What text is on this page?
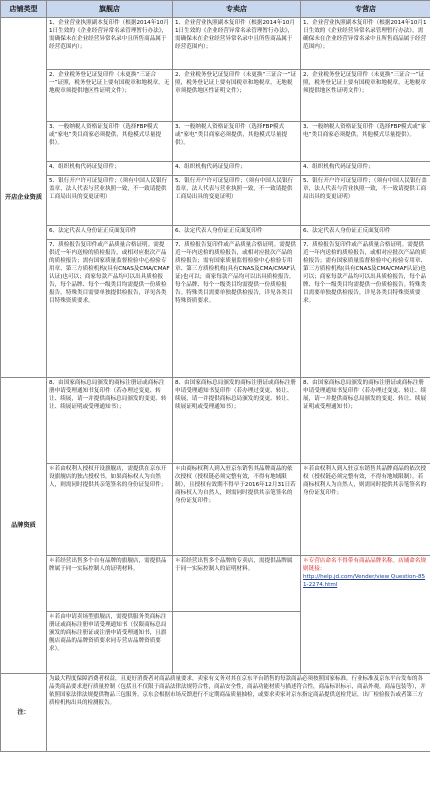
店铺类型	旗舰店	专卖店	专营店
开店企业资质	1、企业营业执照副本复印件（根据2014年10月1日生效的《企业经营异常名录管理暂行办法》，需确保未在企业经营异常名录中且所售商品属于经营范围内）；	1、企业营业执照副本复印件（根据2014年10月1日生效的《企业经营异常名录管理暂行办法》，需确保未在企业经营异常名录中且所售商品属于经营范围内）；	1、企业营业执照副本复印件（根据2014年10月1日生效的《企业经营异常名录管理暂行办法》，需确保未在企业经营异常名录中且所售商品属于经营范围内）；
	2、企业税务登记证复印件（未更换“三证合一”证照，税务登记证上要有国税章和地税章，无地税章须提供地区性证明文件）；	2、企业税务登记证复印件（未更换“三证合一”证照，税务登记证上要有国税章和地税章，无地税章须提供地区性证明文件）；	2、企业税务登记证复印件（未更换“三证合一”证照，税务登记证上要有国税章和地税章，无地税章须提供地区性证明文件）；
	3、一般纳税人资格证复印件（选择FBP模式或“家电”类目商家必须提供，其他模式尽量提供）。	3、一般纳税人资格证复印件（选择FBP模式或“家电”类目商家必须提供，其他模式尽量提供）。	3、一般纳税人资格证复印件（选择FBP模式或“家电”类目商家必须提供，其他模式尽量提供）。
	4、组织机构代码证复印件；	4、组织机构代码证复印件；	4、组织机构代码证复印件；
	5、银行开户许可证复印件；（须有中国人民银行盖章，法人代表与营业执照一致，不一致请提供工商局出具的变更证明）	5、银行开户许可证复印件；（须有中国人民银行盖章，法人代表与营业执照一致，不一致请提供工商局出具的变更证明）	5、银行开户许可证复印件；（须有中国人民银行盖章，法人代表与营业执照一致，不一致请提供工商局出具的变更证明）
	6、法定代表人身份证正反面复印件	6、法定代表人身份证正反面复印件	6、法定代表人身份证正反面复印件
	7、质检报告复印件或产品质量合格证明。需提供近一年内送检的质检报告，或相对应批次产品的质检报告；需有国家质量监督检验中心检验专用章、第三方质检机构(具有CNAS及CMA/CMAF认证)也可以；商家每款产品均可以出具质检报告，每个品牌、每个一级类目均需提供一份质检报告。特殊类目需要单独提供检报告，详见各类目特殊资质要求。	7、质检报告复印件或产品质量合格证明。需提供近一年内送检的质检报告，或相对应批次产品的质检报告；需有国家质量监督检验中心检验专用章、第三方质检机构(具有CNAS及CMA/CMAF认证)也可以；商家每款产品均可以出具质检报告，每个品牌、每个一级类目均需提供一份质检报告。特殊类目需要单独提供检报告，详见各类目特殊资质要求。	7、质检报告复印件或产品质量合格证明。需提供近一年内送检的质检报告，或相对应批次产品的质检报告；需有国家质量监督检验中心检验专用章、第三方质检机构(具有CNAS及CMA/CMAF认证)也可以；商家每款产品均可以出具质检报告，每个品牌、每个一级类目均需提供一份质检报告。特殊类目需要单独提供检报告，详见各类目特殊资质要求。
品牌资质	8、由国家商标总局颁发的商标注册证或商标注册申请受理通知书复印件（若办理过变更、转让、续展，请一并提供商标总局颁发的变更、转让、续展证明或受理通知书）；	8、由国家商标总局颁发的商标注册证或商标注册申请受理通知书复印件（若办理过变更、转让、续展，请一并提供商标总局颁发的变更、转让、续展证明或受理通知书）；	8、由国家商标总局颁发的商标注册证或商标注册申请受理通知书复印件（若办理过变更、转让、续展，请一并提供商标总局颁发的变更、转让、续展证明或受理通知书）；
	＊若由权利人授权开设旗舰店，需提供在京东开设旗舰店的独占授权书，如果商标权人为自然人，则需同时提供其亲笔签名的身份证复印件；	＊由商标权利人到入驻京东销售其品牌商品的依次授权（授权链必须完整有效，不得有地域限制），且授权有效期不得早于2016年12月31日若商标权人为自然人，则需同时提供其亲笔签名的身份证复印件；	＊若由权利人到入驻京东销售其品牌商品的依次授权（授权链必须完整有效，不得有地域限制），若商标权利人为自然人，则需同时提供其亲笔签名的身份证复印件；
	＊若经营出售多个自有品牌的旗舰店，需提供品牌属于同一实际控制人的证明材料。	＊若经营出售多个品牌的专卖店，需提供品牌属于同一实际控制人的证明材料。	＊专营店命名不得带有商品品牌名称。店铺命名规则链接：
http://help.jd.com/Vender/view Question-851-2274.html

	＊若由申请卖场型旗舰店，需提供服务类商标注册证或商标注册申请受理通知书（仅限商标总局颁发的商标注册证或注册申请受理通知书，且旗舰店商品的品牌资质要求同专营店品牌资质要求）。		
注：	为最大程度保障消费者权益，且更好消费者对商品质量要求，卖家有义务对其在京东平台销售的每款商品必须按照国家标准，行业标准及京东平台发布的各品类商品要求进行质量控制（包括且不仅限于商品法律法规符合性，商品安全性，商品功能材质与描述符合性，商品标识标示，商品外观，商品包装等），并依照国家法律法规提供物品三包服务。京东会根据市场反馈进行不定期商品质量抽检，或要求卖家对京东指定商品提供送检凭证，出厂检验报告或者第三方质检机构出具的检测报告。		
